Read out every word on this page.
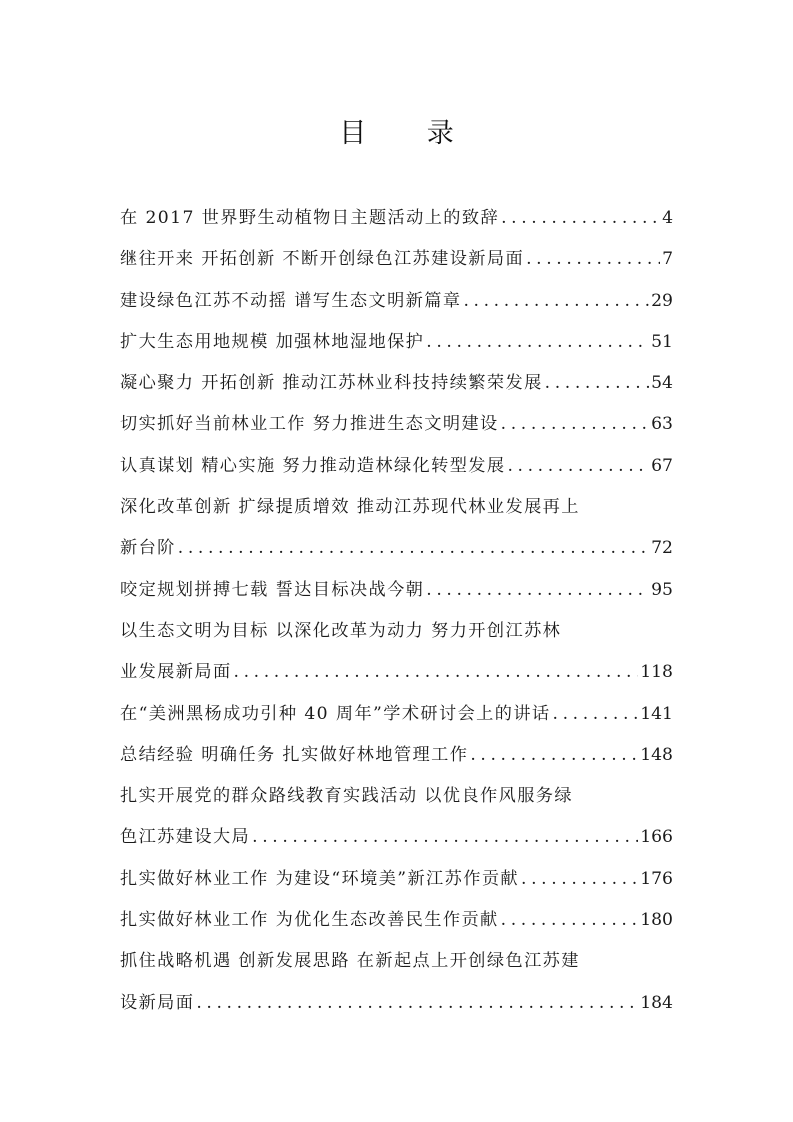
目 录
在 2017 世界野生动植物日主题活动上的致辞 .....	4
继往开来 开拓创新 不断开创绿色江苏建设新局面 .....	7
建设绿色江苏不动摇 谱写生态文明新篇章 .....	29
扩大生态用地规模 加强林地湿地保护 .....	51
凝心聚力 开拓创新 推动江苏林业科技持续繁荣发展 .....	54
切实抓好当前林业工作 努力推进生态文明建设 .....	63
认真谋划 精心实施 努力推动造林绿化转型发展 .....	67
深化改革创新 扩绿提质增效 推动江苏现代林业发展再上
新台阶 .....	72
咬定规划拼搏七载 誓达目标决战今朝 .....	95
以生态文明为目标 以深化改革为动力 努力开创江苏林
业发展新局面 .....	118
在“美洲黑杨成功引种 40 周年”学术研讨会上的讲话 .....	141
总结经验 明确任务 扎实做好林地管理工作 .....	148
扎实开展党的群众路线教育实践活动 以优良作风服务绿
色江苏建设大局 .....	166
扎实做好林业工作 为建设“环境美”新江苏作贡献 .....	176
扎实做好林业工作 为优化生态改善民生作贡献 .....	180
抓住战略机遇 创新发展思路 在新起点上开创绿色江苏建
设新局面 .....	184
